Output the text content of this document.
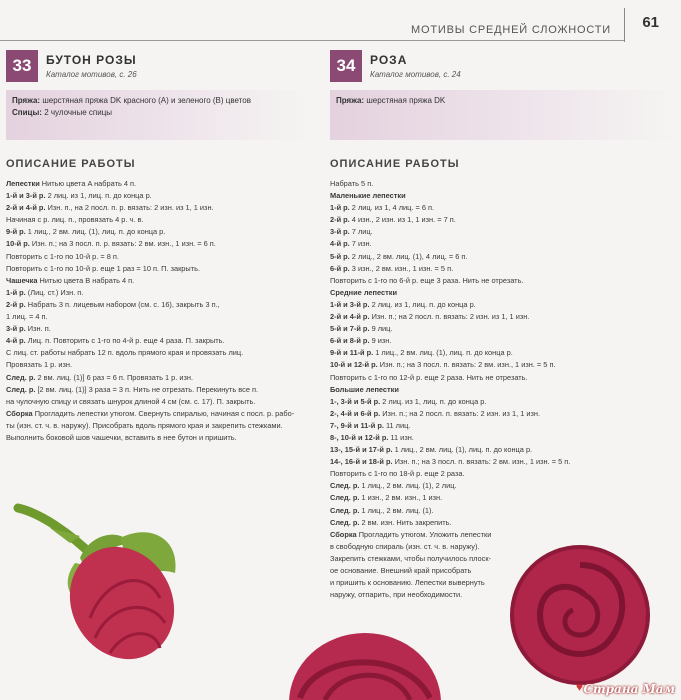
МОТИВЫ СРЕДНЕЙ СЛОЖНОСТИ 61
33	БУТОН РОЗЫ
Каталог мотивов, с. 26
Пряжа: шерстяная пряжа DK красного (A) и зеленого (B) цветов
Спицы: 2 чулочные спицы
ОПИСАНИЕ РАБОТЫ
Лепестки Нитью цвета A набрать 4 п.
1-й и 3-й р. 2 лиц. из 1, лиц. п. до конца р.
2-й и 4-й р. Изн. п., на 2 посл. п. р. вязать: 2 изн. из 1, 1 изн.
Начиная с р. лиц. п., провязать 4 р. ч. в.
9-й р. 1 лиц., 2 вм. лиц. (1), лиц. п. до конца р.
10-й р. Изн. п.; на 3 посл. п. р. вязать: 2 вм. изн., 1 изн. = 6 п.
Повторить с 1-го по 10-й р. = 8 п.
Повторить с 1-го по 10-й р. еще 1 раз = 10 п. П. закрыть.
Чашечка Нитью цвета B набрать 4 п.
1-й р. (Лиц. ст.) Изн. п.
2-й р. Набрать 3 п. лицевым набором (см. с. 16), закрыть 3 п.,
1 лиц. = 4 п.
3-й р. Изн. п.
4-й р. Лиц. п. Повторить с 1-го по 4-й р. еще 4 раза. П. закрыть.
С лиц. ст. работы набрать 12 п. вдоль прямого края и провязать лиц.
Провязать 1 р. изн.
След. р. 2 вм. лиц. (1)] 6 раз = 6 п. Провязать 1 р. изн.
След. р. [2 вм. лиц. (1)] 3 раза = 3 п. Нить не отрезать. Перекинуть все п.
на чулочную спицу и связать шнурок длиной 4 см (см. с. 17). П. закрыть.
Сборка Прогладить лепестки утюгом. Свернуть спиралью, начиная с посл. р. рабо-
ты (изн. ст. ч. в. наружу). Присобрать вдоль прямого края и закрепить стежками.
Выполнить боковой шов чашечки, вставить в нее бутон и пришить.
34	РОЗА
Каталог мотивов, с. 24
Пряжа: шерстяная пряжа DK
ОПИСАНИЕ РАБОТЫ
Набрать 5 п.
Маленькие лепестки
1-й р. 2 лиц. из 1, 4 лиц. = 6 п.
2-й р. 4 изн., 2 изн. из 1, 1 изн. = 7 п.
3-й р. 7 лиц.
4-й р. 7 изн.
5-й р. 2 лиц., 2 вм. лиц. (1), 4 лиц. = 6 п.
6-й р. 3 изн., 2 вм. изн., 1 изн. = 5 п.
Повторить с 1-го по 6-й р. еще 3 раза. Нить не отрезать.
Средние лепестки
1-й и 3-й р. 2 лиц. из 1, лиц. п. до конца р.
2-й и 4-й р. Изн. п.; на 2 посл. п. вязать: 2 изн. из 1, 1 изн.
5-й и 7-й р. 9 лиц.
6-й и 8-й р. 9 изн.
9-й и 11-й р. 1 лиц., 2 вм. лиц. (1), лиц. п. до конца р.
10-й и 12-й р. Изн. п.; на 3 посл. п. вязать: 2 вм. изн., 1 изн. = 5 п.
Повторить с 1-го по 12-й р. еще 2 раза. Нить не отрезать.
Большие лепестки
1-, 3-й и 5-й р. 2 лиц. из 1, лиц. п. до конца р.
2-, 4-й и 6-й р. Изн. п.; на 2 посл. п. вязать: 2 изн. из 1, 1 изн.
7-, 9-й и 11-й р. 11 лиц.
8-, 10-й и 12-й р. 11 изн.
13-, 15-й и 17-й р. 1 лиц., 2 вм. лиц. (1), лиц. п. до конца р.
14-, 16-й и 18-й р. Изн. п.; на 3 посл. п. вязать: 2 вм. изн., 1 изн. = 5 п.
Повторить с 1-го по 18-й р. еще 2 раза.
След. р. 1 лиц., 2 вм. лиц. (1), 2 лиц.
След. р. 1 изн., 2 вм. изн., 1 изн.
След. р. 1 лиц., 2 вм. лиц. (1).
След. р. 2 вм. изн. Нить закрепить.
Сборка Прогладить утюгом. Уложить лепестки
в свободную спираль (изн. ст. ч. в. наружу).
Закрепить стежками, чтобы получилось плоск-
ое основание. Внешний край присобрать
и пришить к основанию. Лепестки вывернуть
наружу, отпарить, при необходимости.
♥ Страна Мам
